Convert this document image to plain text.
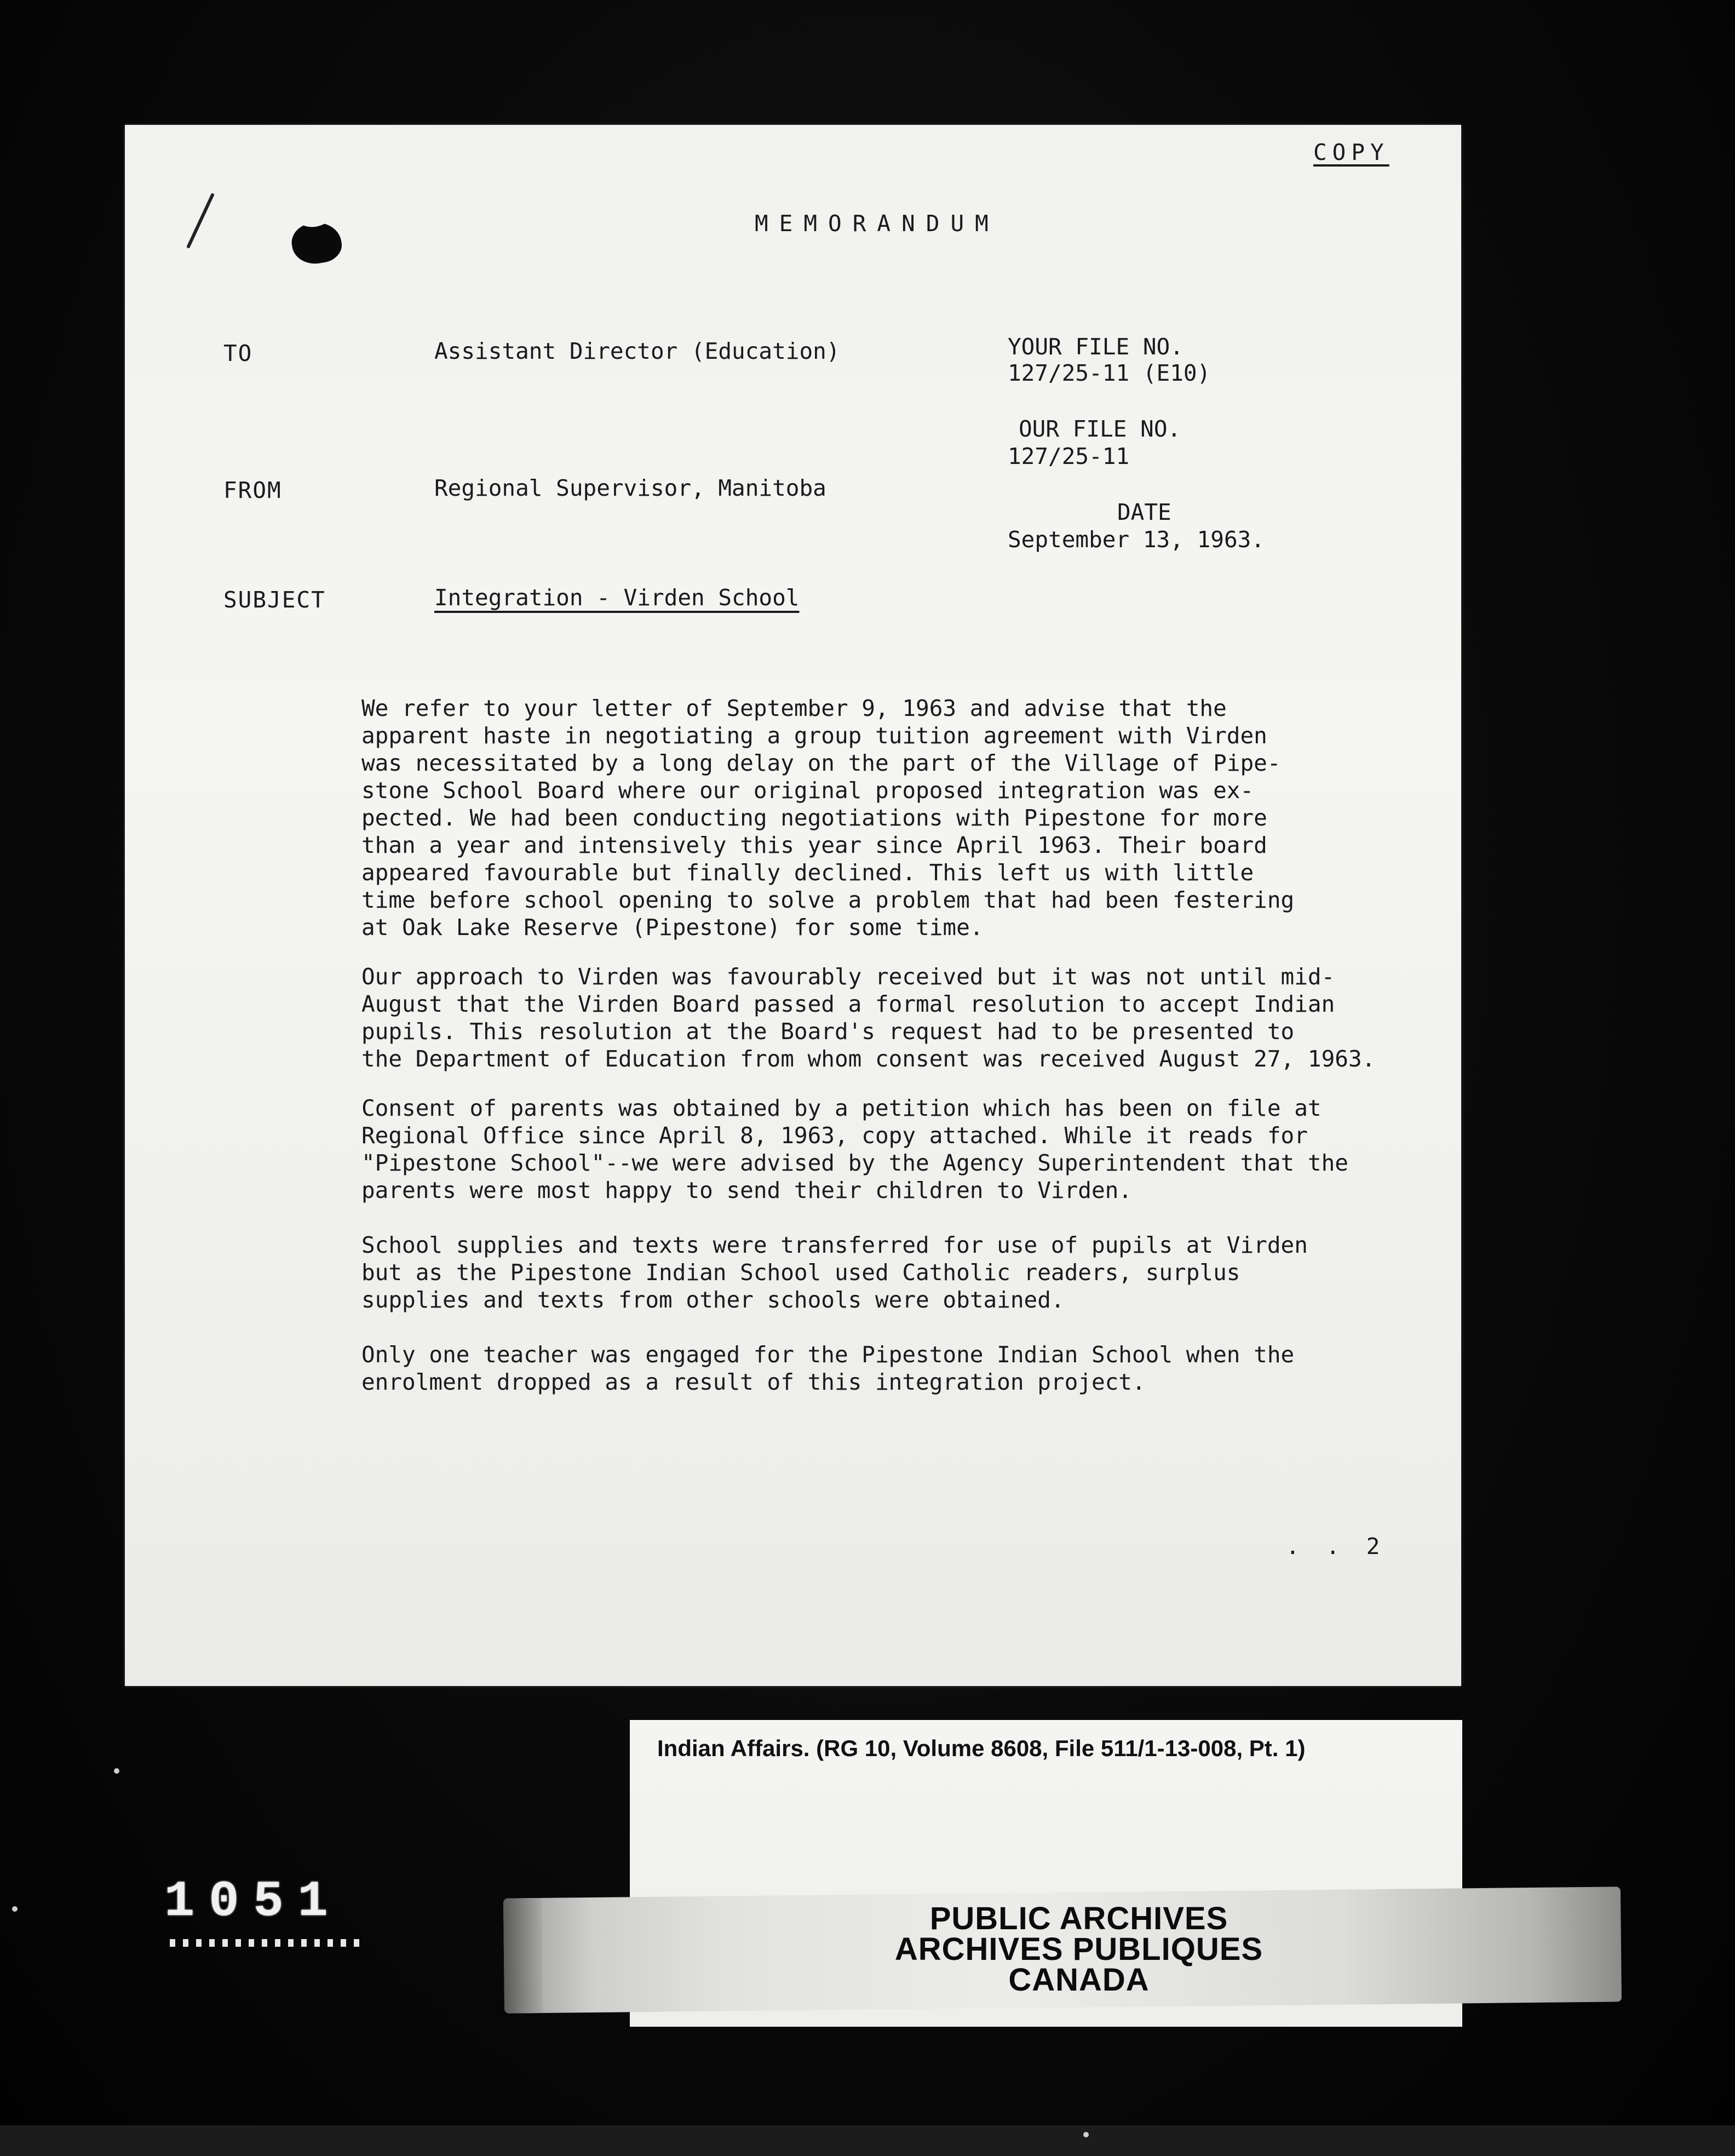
COPY
MEMORANDUM
TO	Assistant Director (Education)	YOUR FILE NO.
127/25-11 (E10)
OUR FILE NO.
127/25-11
FROM	Regional Supervisor, Manitoba
DATE
September 13, 1963.
SUBJECT	Integration - Virden School
We refer to your letter of September 9, 1963 and advise that the
apparent haste in negotiating a group tuition agreement with Virden
was necessitated by a long delay on the part of the Village of Pipe-
stone School Board where our original proposed integration was ex-
pected. We had been conducting negotiations with Pipestone for more
than a year and intensively this year since April 1963. Their board
appeared favourable but finally declined. This left us with little
time before school opening to solve a problem that had been festering
at Oak Lake Reserve (Pipestone) for some time.
Our approach to Virden was favourably received but it was not until mid-
August that the Virden Board passed a formal resolution to accept Indian
pupils. This resolution at the Board's request had to be presented to
the Department of Education from whom consent was received August 27, 1963.
Consent of parents was obtained by a petition which has been on file at
Regional Office since April 8, 1963, copy attached. While it reads for
"Pipestone School"--we were advised by the Agency Superintendent that the
parents were most happy to send their children to Virden.
School supplies and texts were transferred for use of pupils at Virden
but as the Pipestone Indian School used Catholic readers, surplus
supplies and texts from other schools were obtained.
Only one teacher was engaged for the Pipestone Indian School when the
enrolment dropped as a result of this integration project.
. . 2
Indian Affairs. (RG 10, Volume 8608, File 511/1-13-008, Pt. 1)
PUBLIC ARCHIVES
ARCHIVES PUBLIQUES
CANADA
1051
